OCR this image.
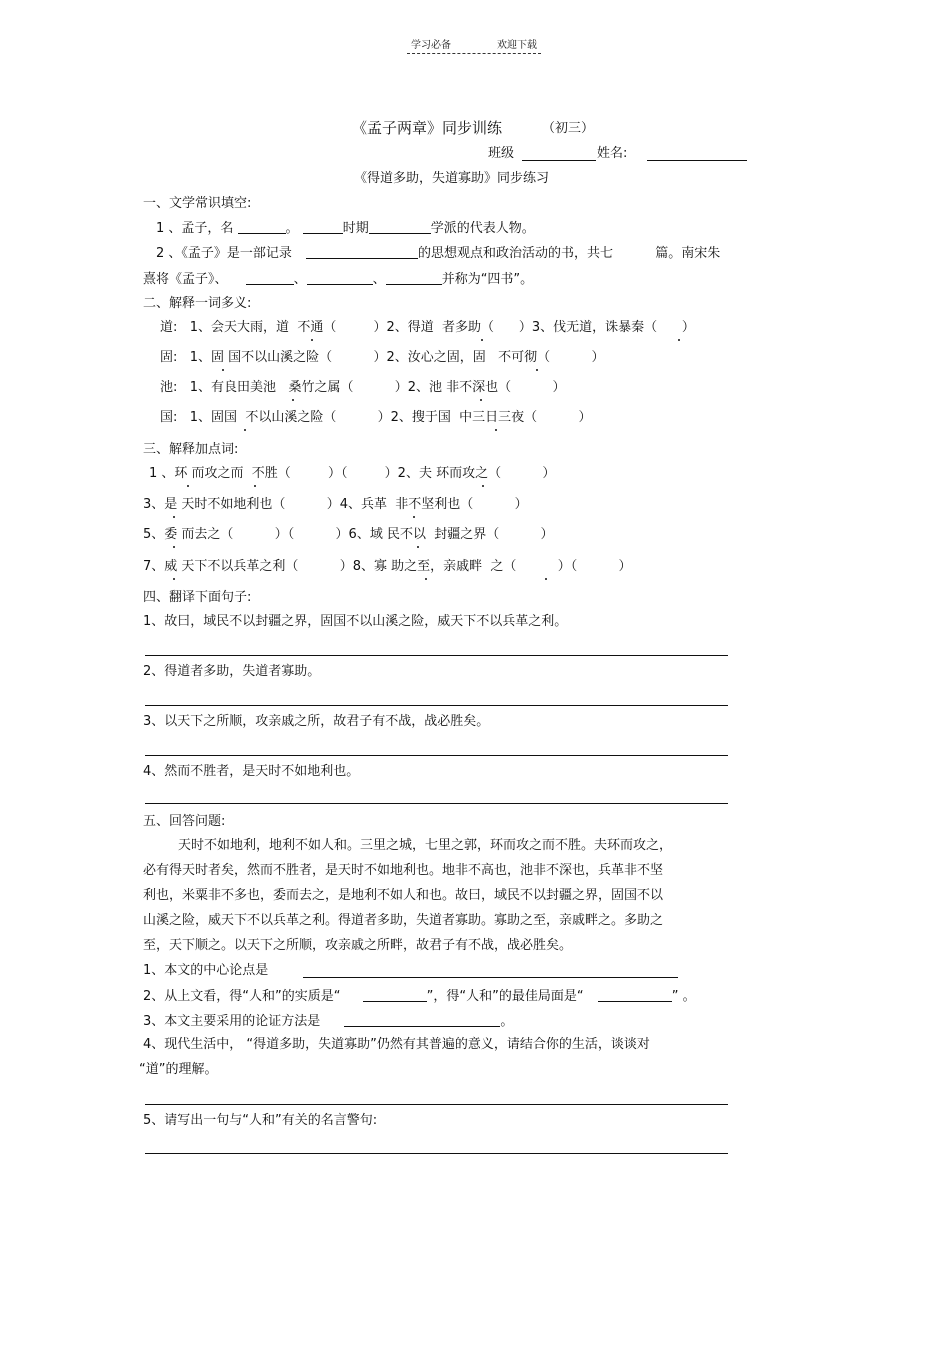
学习必备	欢迎下载
《孟子两章》同步训练	（初三）
班级	姓名:
《得道多助，失道寡助》同步练习
一、文学常识填空:
1 、孟子，名	。	时期	学派的代表人物。
2 、《孟子》是一部记录	的思想观点和政治活动的书，共七	篇。南宋朱
熹将《孟子》、	、	、	并称为“四书”。
二、解释一词多义:
道:   1、会天大雨，道  不通（         ）2、得道  者多助（      ）3、伐无道，诛暴秦（      ）
固:   1、固 国不以山溪之险（          ）2、汝心之固，固   不可彻（          ）
池:   1、有良田美池   桑竹之属（          ）2、池 非不深也（          ）
国:   1、固国  不以山溪之险（          ）2、搜于国  中三日三夜（          ）
三、解释加点词:
1 、环 而攻之而  不胜（         ）（         ）2、夫 环而攻之（          ）
3、是 天时不如地利也（          ）4、兵革  非不坚利也（          ）
5、委 而去之（          ）（          ）6、域 民不以  封疆之界（          ）
7、威 天下不以兵革之利（          ）8、寡 助之至，亲戚畔  之（          ）（          ）
四、翻译下面句子:
1、故曰，域民不以封疆之界，固国不以山溪之险，威天下不以兵革之利。
2、得道者多助，失道者寡助。
3、以天下之所顺，攻亲戚之所，故君子有不战，战必胜矣。
4、然而不胜者，是天时不如地利也。
五、回答问题:
天时不如地利，地利不如人和。三里之城，七里之郭，环而攻之而不胜。夫环而攻之，
必有得天时者矣，然而不胜者，是天时不如地利也。地非不高也，池非不深也，兵革非不坚
利也，米粟非不多也，委而去之，是地利不如人和也。故曰，域民不以封疆之界，固国不以
山溪之险，威天下不以兵革之利。得道者多助，失道者寡助。寡助之至，亲戚畔之。多助之
至，天下顺之。以天下之所顺，攻亲戚之所畔，故君子有不战，战必胜矣。
1、本文的中心论点是
2、从上文看，得“人和”的实质是“	”，得“人和”的最佳局面是“	” 。
3、本文主要采用的论证方法是	。
4、现代生活中， “得道多助，失道寡助”仍然有其普遍的意义，请结合你的生活，谈谈对
“道”的理解。
5、请写出一句与“人和”有关的名言警句:
